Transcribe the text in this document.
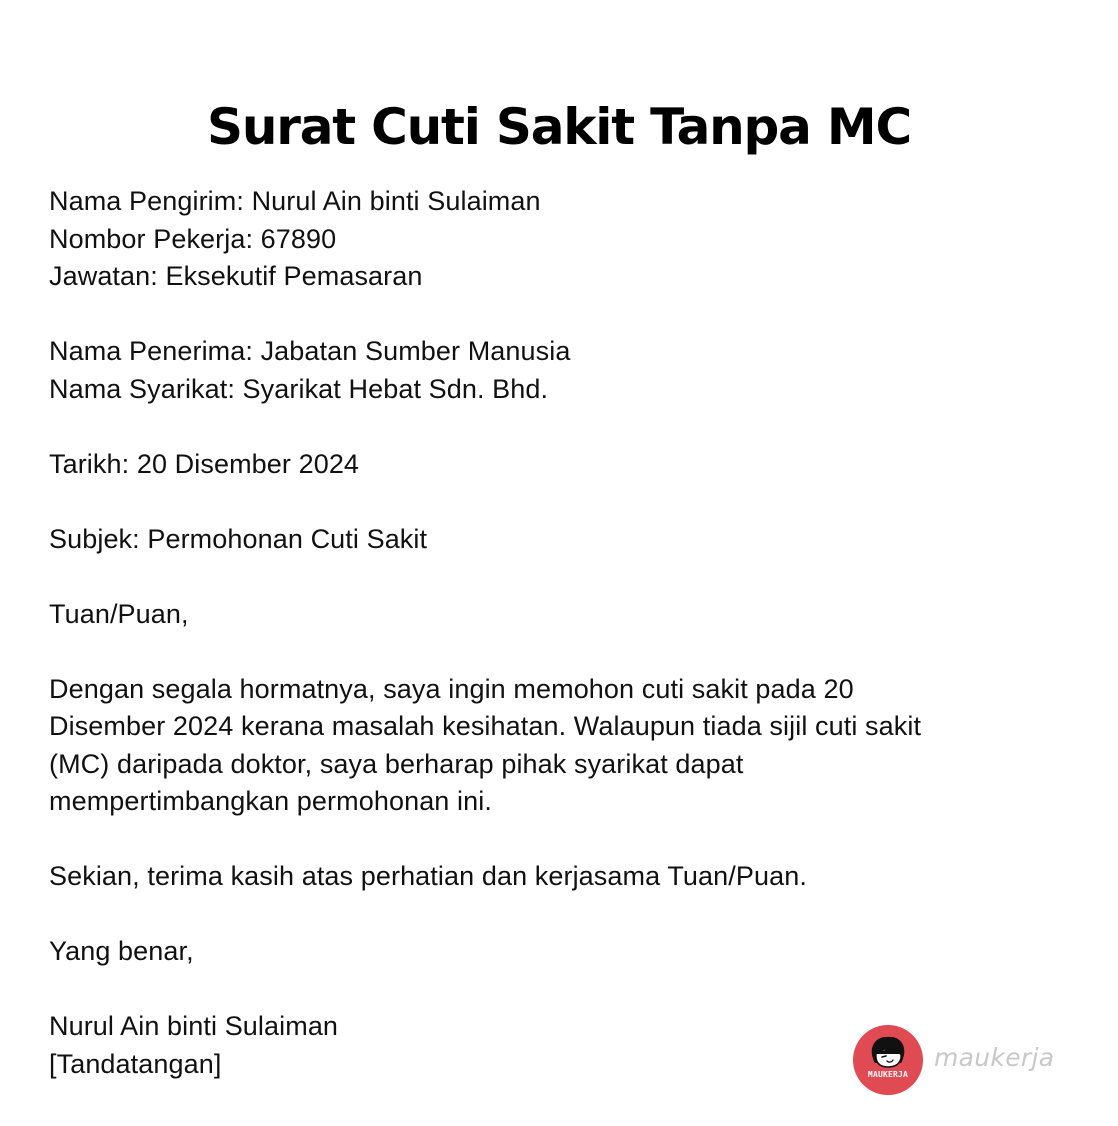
Surat Cuti Sakit Tanpa MC
Nama Pengirim: Nurul Ain binti Sulaiman
Nombor Pekerja: 67890
Jawatan: Eksekutif Pemasaran
Nama Penerima: Jabatan Sumber Manusia
Nama Syarikat: Syarikat Hebat Sdn. Bhd.
Tarikh: 20 Disember 2024
Subjek: Permohonan Cuti Sakit
Tuan/Puan,
Dengan segala hormatnya, saya ingin memohon cuti sakit pada 20
Disember 2024 kerana masalah kesihatan. Walaupun tiada sijil cuti sakit
(MC) daripada doktor, saya berharap pihak syarikat dapat
mempertimbangkan permohonan ini.
Sekian, terima kasih atas perhatian dan kerjasama Tuan/Puan.
Yang benar,
Nurul Ain binti Sulaiman
[Tandatangan]	MAUKERJA
maukerja
